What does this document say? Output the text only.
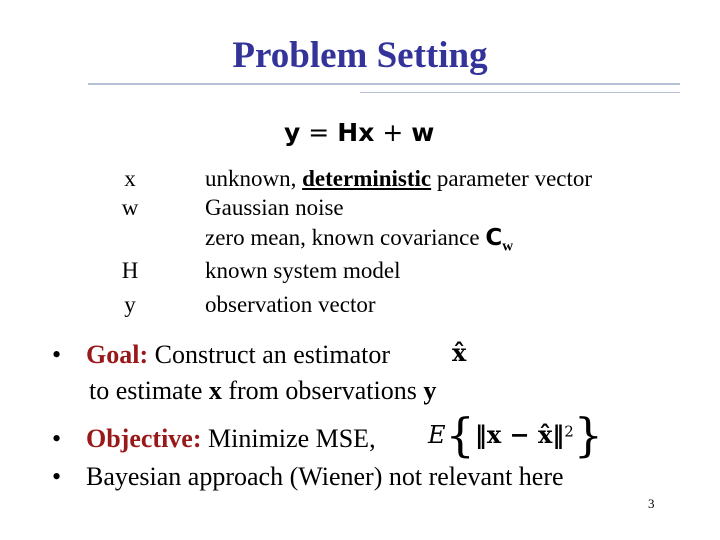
Problem Setting
y = Hx + w
x	unknown, deterministic parameter vector
w	Gaussian noise
zero mean, known covariance $C_w$
H	known system model
y	observation vector
• Goal: Construct an estimator	x̂
to estimate x from observations y
• Objective: Minimize MSE, E{‖x − x̂‖$^2$}
• Bayesian approach (Wiener) not relevant here
3
